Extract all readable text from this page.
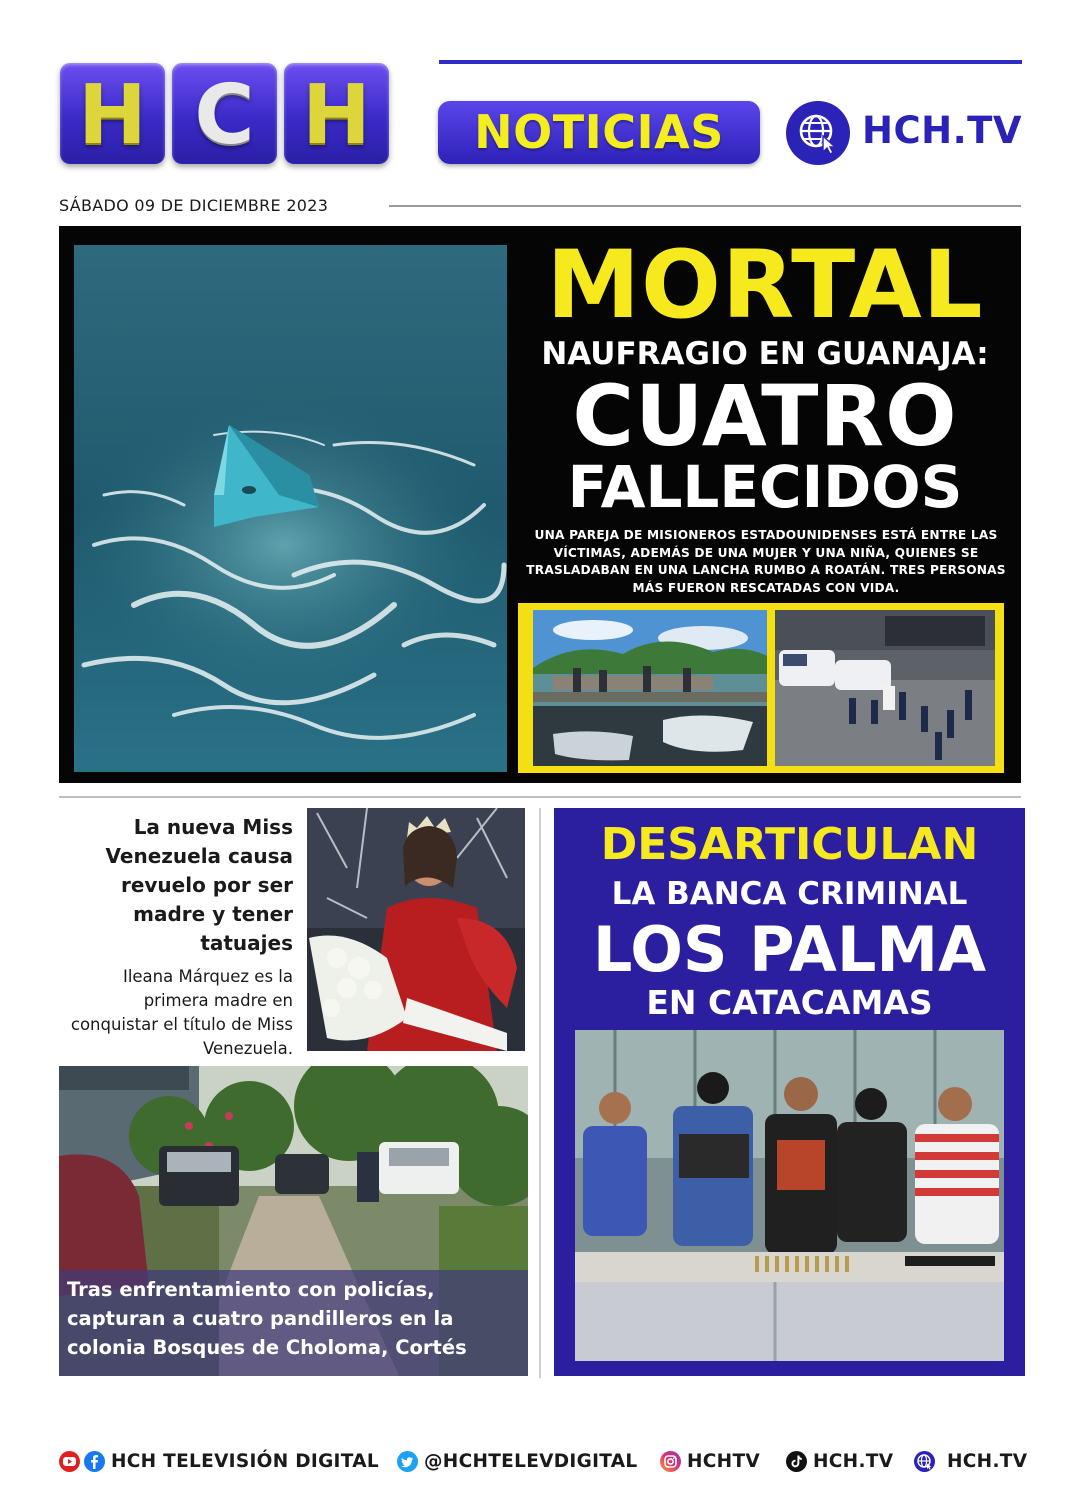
H C H	NOTICIAS	HCH.TV
SÁBADO 09 DE DICIEMBRE 2023
MORTAL
NAUFRAGIO EN GUANAJA:
CUATRO
FALLECIDOS
UNA PAREJA DE MISIONEROS ESTADOUNIDENSES ESTÁ ENTRE LAS VÍCTIMAS, ADEMÁS DE UNA MUJER Y UNA NIÑA, QUIENES SE TRASLADABAN EN UNA LANCHA RUMBO A ROATÁN. TRES PERSONAS MÁS FUERON RESCATADAS CON VIDA.
La nueva Miss Venezuela causa revuelo por ser madre y tener tatuajes
Ileana Márquez es la primera madre en conquistar el título de Miss Venezuela.
Tras enfrentamiento con policías, capturan a cuatro pandilleros en la colonia Bosques de Choloma, Cortés
DESARTICULAN
LA BANCA CRIMINAL
LOS PALMA
EN CATACAMAS
HCH TELEVISIÓN DIGITAL @HCHTELEVDIGITAL	HCHTV	HCH.TV	HCH.TV
